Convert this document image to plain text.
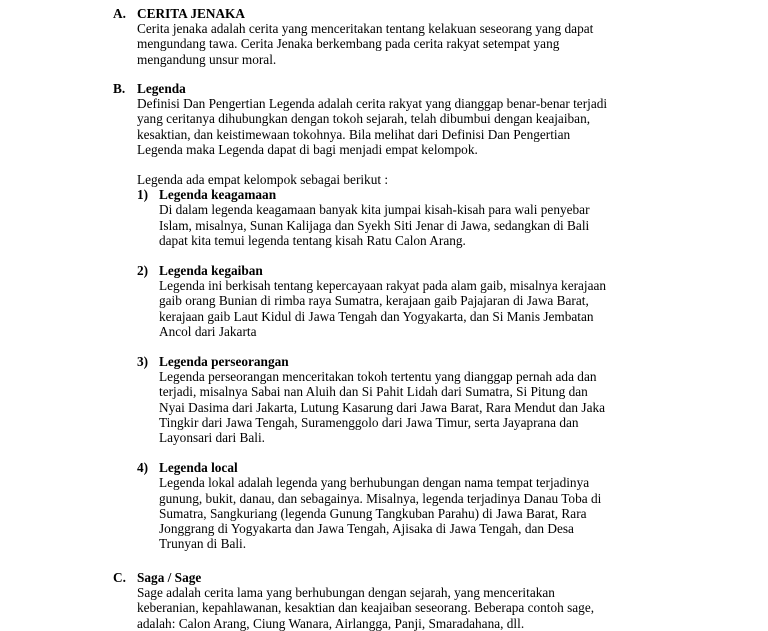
A. CERITA JENAKA
Cerita jenaka adalah cerita yang menceritakan tentang kelakuan seseorang yang dapat
mengundang tawa. Cerita Jenaka berkembang pada cerita rakyat setempat yang
mengandung unsur moral.
B. Legenda
Definisi Dan Pengertian Legenda adalah cerita rakyat yang dianggap benar-benar terjadi
yang ceritanya dihubungkan dengan tokoh sejarah, telah dibumbui dengan keajaiban,
kesaktian, dan keistimewaan tokohnya. Bila melihat dari Definisi Dan Pengertian
Legenda maka Legenda dapat di bagi menjadi empat kelompok.
Legenda ada empat kelompok sebagai berikut :
1) Legenda keagamaan
Di dalam legenda keagamaan banyak kita jumpai kisah-kisah para wali penyebar
Islam, misalnya, Sunan Kalijaga dan Syekh Siti Jenar di Jawa, sedangkan di Bali
dapat kita temui legenda tentang kisah Ratu Calon Arang.
2) Legenda kegaiban
Legenda ini berkisah tentang kepercayaan rakyat pada alam gaib, misalnya kerajaan
gaib orang Bunian di rimba raya Sumatra, kerajaan gaib Pajajaran di Jawa Barat,
kerajaan gaib Laut Kidul di Jawa Tengah dan Yogyakarta, dan Si Manis Jembatan
Ancol dari Jakarta
3) Legenda perseorangan
Legenda perseorangan menceritakan tokoh tertentu yang dianggap pernah ada dan
terjadi, misalnya Sabai nan Aluih dan Si Pahit Lidah dari Sumatra, Si Pitung dan
Nyai Dasima dari Jakarta, Lutung Kasarung dari Jawa Barat, Rara Mendut dan Jaka
Tingkir dari Jawa Tengah, Suramenggolo dari Jawa Timur, serta Jayaprana dan
Layonsari dari Bali.
4) Legenda local
Legenda lokal adalah legenda yang berhubungan dengan nama tempat terjadinya
gunung, bukit, danau, dan sebagainya. Misalnya, legenda terjadinya Danau Toba di
Sumatra, Sangkuriang (legenda Gunung Tangkuban Parahu) di Jawa Barat, Rara
Jonggrang di Yogyakarta dan Jawa Tengah, Ajisaka di Jawa Tengah, dan Desa
Trunyan di Bali.
C. Saga / Sage
Sage adalah cerita lama yang berhubungan dengan sejarah, yang menceritakan
keberanian, kepahlawanan, kesaktian dan keajaiban seseorang. Beberapa contoh sage,
adalah: Calon Arang, Ciung Wanara, Airlangga, Panji, Smaradahana, dll.
